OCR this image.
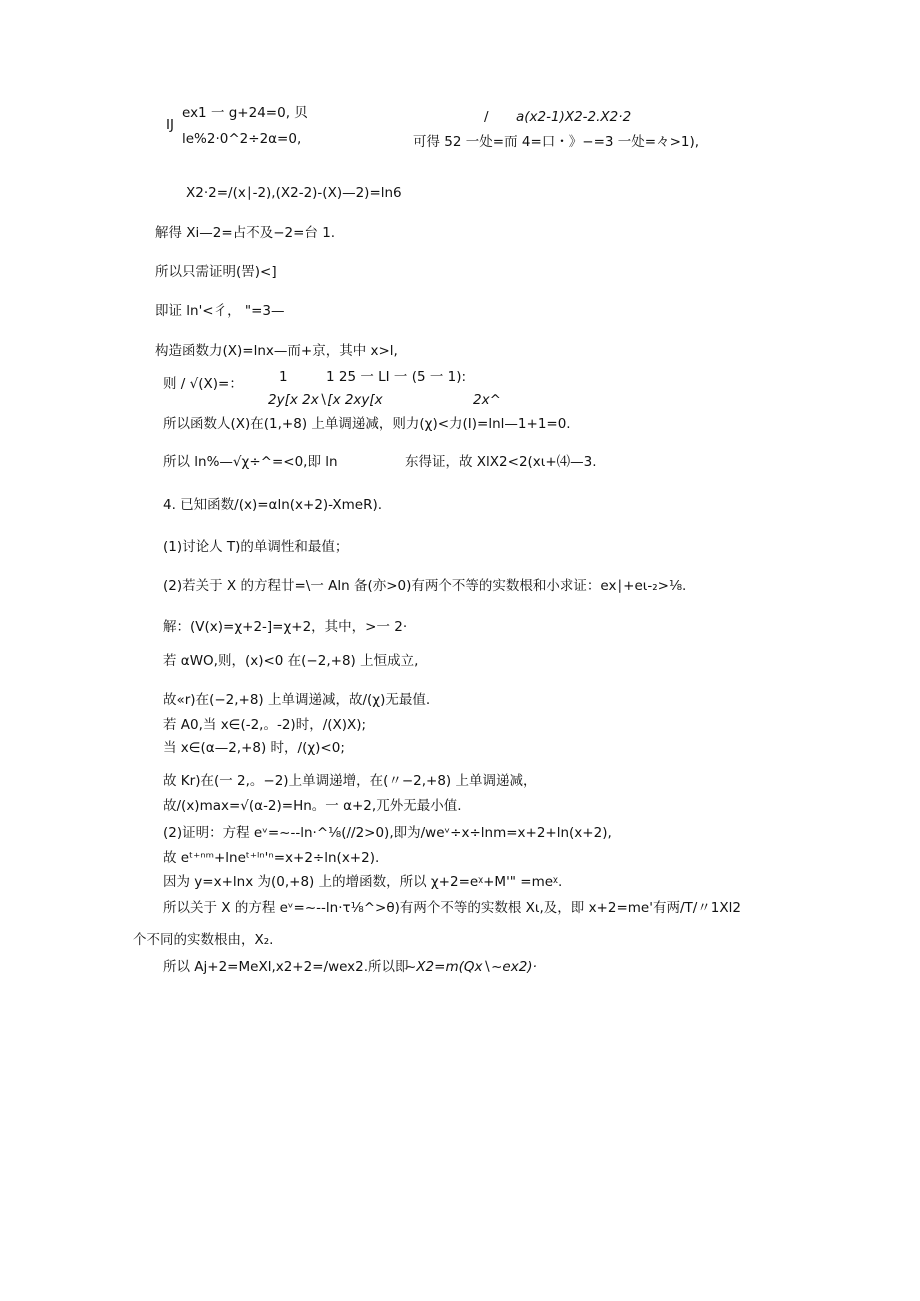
IJ
ex1 一 g+24=0, 贝
le%2·0^2÷2α=0,
/ a(x2-1)X2-2.X2·2
可得 52 一处=而 4=口・》−=3 一处=々>1),
X2·2=/(x∣-2),(X2-2)-(X)—2)=ln6
解得 Xi—2=占不及−2=台 1.
所以只需证明(罟)<]
即证 ln'<彳， "=3—
构造函数力(X)=lnx—而+京，其中 x>l,
则 / √(X)=：	1	1 25 一 LI 一 (5 一 1):
2y[x 2x∖[x 2xy[x	2x^
所以函数人(X)在(1,+8) 上单调递减，则力(χ)<力(I)=lnl—1+1=0.
所以 ln%—√χ÷^=<0,即 ln	东得证，故 XlX2<2(xι+⑷—3.
4. 已知函数/(x)=αln(x+2)-XmeR).
(1)讨论人 T)的单调性和最值；
(2)若关于 X 的方程廿=\一 Aln 备(亦>0)有两个不等的实数根和小求证：ex∣+eι-₂>⅛.
解：(V(x)=χ+2-]=χ+2，其中，>一 2·
若 αWO,则，(x)<0 在(−2,+8) 上恒成立,
故«r)在(−2,+8) 上单调递减，故/(χ)无最值.
若 A0,当 x∈(-2,。-2)时，/(X)X);
当 x∈(α—2,+8) 时，/(χ)<0;
故 Kr)在(一 2,。−2)上单调递增，在(〃−2,+8) 上单调递减，
故/(x)max=√(α-2)=Hn。一 α+2,兀外无最小值.
(2)证明：方程 eᵛ=~--ln·^⅛(//2>0),即为/weᵛ÷x÷lnm=x+2+ln(x+2),
故 eᵗ⁺ⁿᵐ+lneᵗ⁺ˡⁿ'ⁿ=x+2÷ln(x+2).
因为 y=x+lnx 为(0,+8) 上的增函数，所以 χ+2=eᵡ+M'" =meᵡ.
所以关于 X 的方程 eᵛ=~--ln·τ⅛^>θ)有两个不等的实数根 Xι,及，即 x+2=me'有两/T/〃1Xl2
个不同的实数根由，X₂.
所以 Aj+2=MeXl,x2+2=/wex2.所以即
~X2=m(Qx∖~ex2)·
